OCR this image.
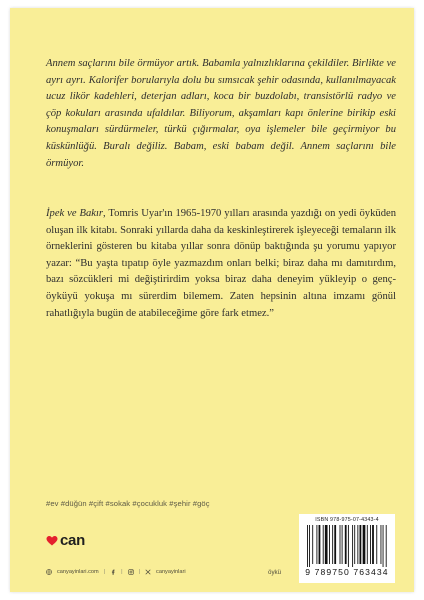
Annem saçlarını bile örmüyor artık. Babamla yalnızlıklarına çekildiler. Birlikte ve ayrı ayrı. Kalorifer borularıyla dolu bu sımsıcak şehir odasında, kullanılmayacak ucuz likör kadehleri, deterjan adları, koca bir buzdolabı, transistörlü radyo ve çöp kokuları arasında ufaldılar. Biliyorum, akşamları kapı önlerine birikip eski konuşmaları sürdürmeler, türkü çığırmalar, oya işlemeler bile geçirmiyor bu küskünlüğü. Buralı değiliz. Babam, eski babam değil. Annem saçlarını bile örmüyor.

İpek ve Bakır, Tomris Uyar'ın 1965-1970 yılları arasında yazdığı on yedi öyküden oluşan ilk kitabı. Sonraki yıllarda daha da keskinleştirerek işleyeceği temaların ilk örneklerini gösteren bu kitaba yıllar sonra dönüp baktığında şu yorumu yapıyor yazar: “Bu yaşta tıpatıp öyle yazmazdım onları belki; biraz daha mı damıtırdım, bazı sözcükleri mi değiştirirdim yoksa biraz daha deneyim yükleyip o genç-öyküyü yokuşa mı sürerdim bilemem. Zaten hepsinin altına imzamı gönül rahatlığıyla bugün de atabileceğime göre fark etmez.”

#ev #düğün #çift #sokak #çocukluk #şehir #göç
can
canyayinlari.com |	|	|	canyayinlari	öykü
ISBN 978-975-07-4343-4
9 789750 763434
